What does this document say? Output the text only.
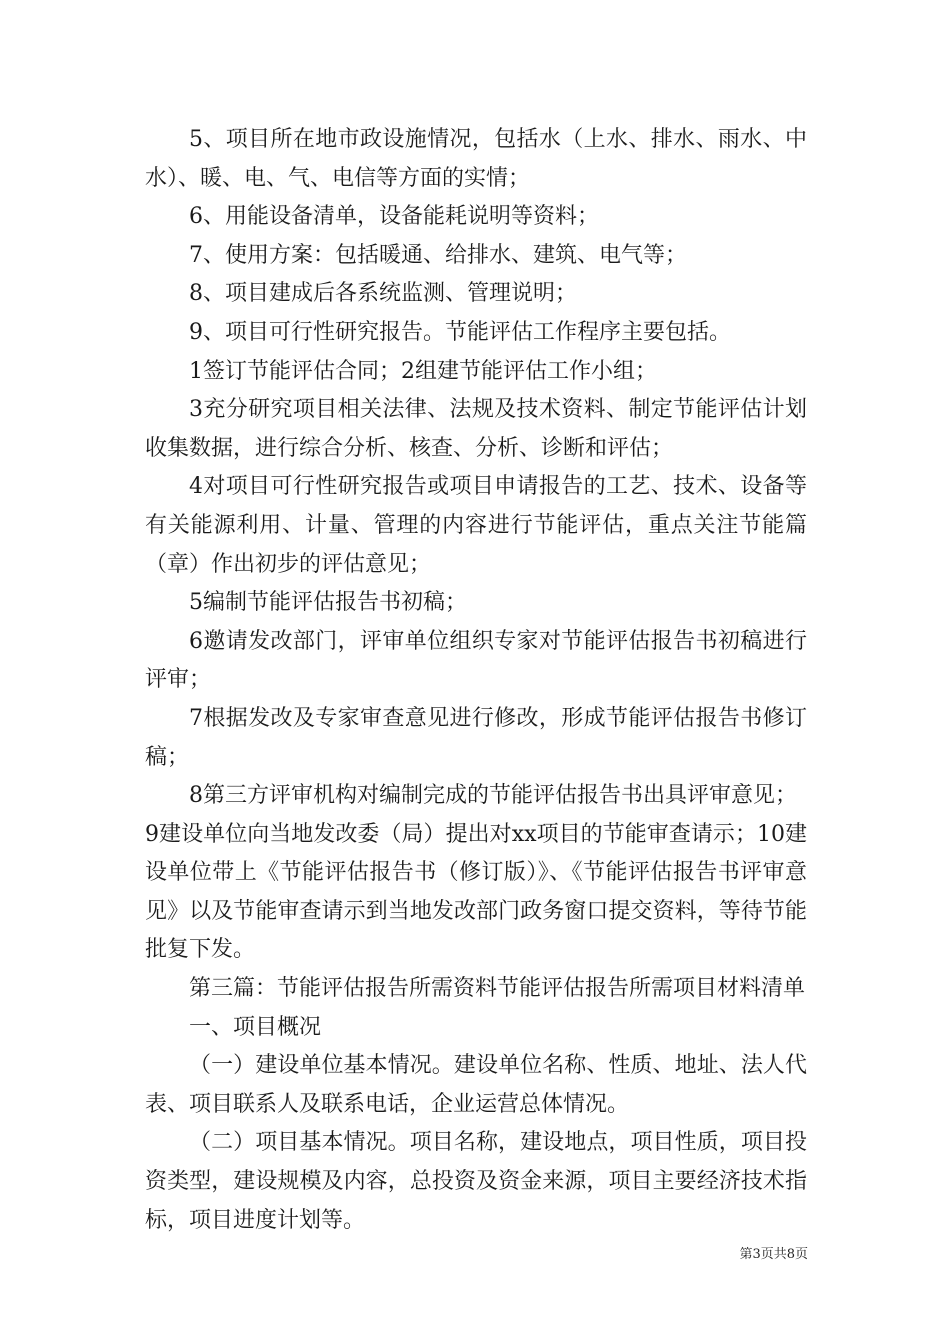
5、项目所在地市政设施情况，包括水（上水、排水、雨水、中水）、暖、电、气、电信等方面的实情；

6、用能设备清单，设备能耗说明等资料；

7、使用方案：包括暖通、给排水、建筑、电气等；

8、项目建成后各系统监测、管理说明；

9、项目可行性研究报告。节能评估工作程序主要包括。

1签订节能评估合同；2组建节能评估工作小组；

3充分研究项目相关法律、法规及技术资料、制定节能评估计划收集数据，进行综合分析、核查、分析、诊断和评估；

4对项目可行性研究报告或项目申请报告的工艺、技术、设备等有关能源利用、计量、管理的内容进行节能评估，重点关注节能篇（章）作出初步的评估意见；

5编制节能评估报告书初稿；

6邀请发改部门，评审单位组织专家对节能评估报告书初稿进行评审；

7根据发改及专家审查意见进行修改，形成节能评估报告书修订稿；

8第三方评审机构对编制完成的节能评估报告书出具评审意见；

9建设单位向当地发改委（局）提出对xx项目的节能审查请示；10建设单位带上《节能评估报告书（修订版）》、《节能评估报告书评审意见》以及节能审查请示到当地发改部门政务窗口提交资料，等待节能批复下发。

第三篇：节能评估报告所需资料节能评估报告所需项目材料清单

一、项目概况

（一）建设单位基本情况。建设单位名称、性质、地址、法人代表、项目联系人及联系电话，企业运营总体情况。

（二）项目基本情况。项目名称，建设地点，项目性质，项目投资类型，建设规模及内容，总投资及资金来源，项目主要经济技术指标，项目进度计划等。

第3页共8页
